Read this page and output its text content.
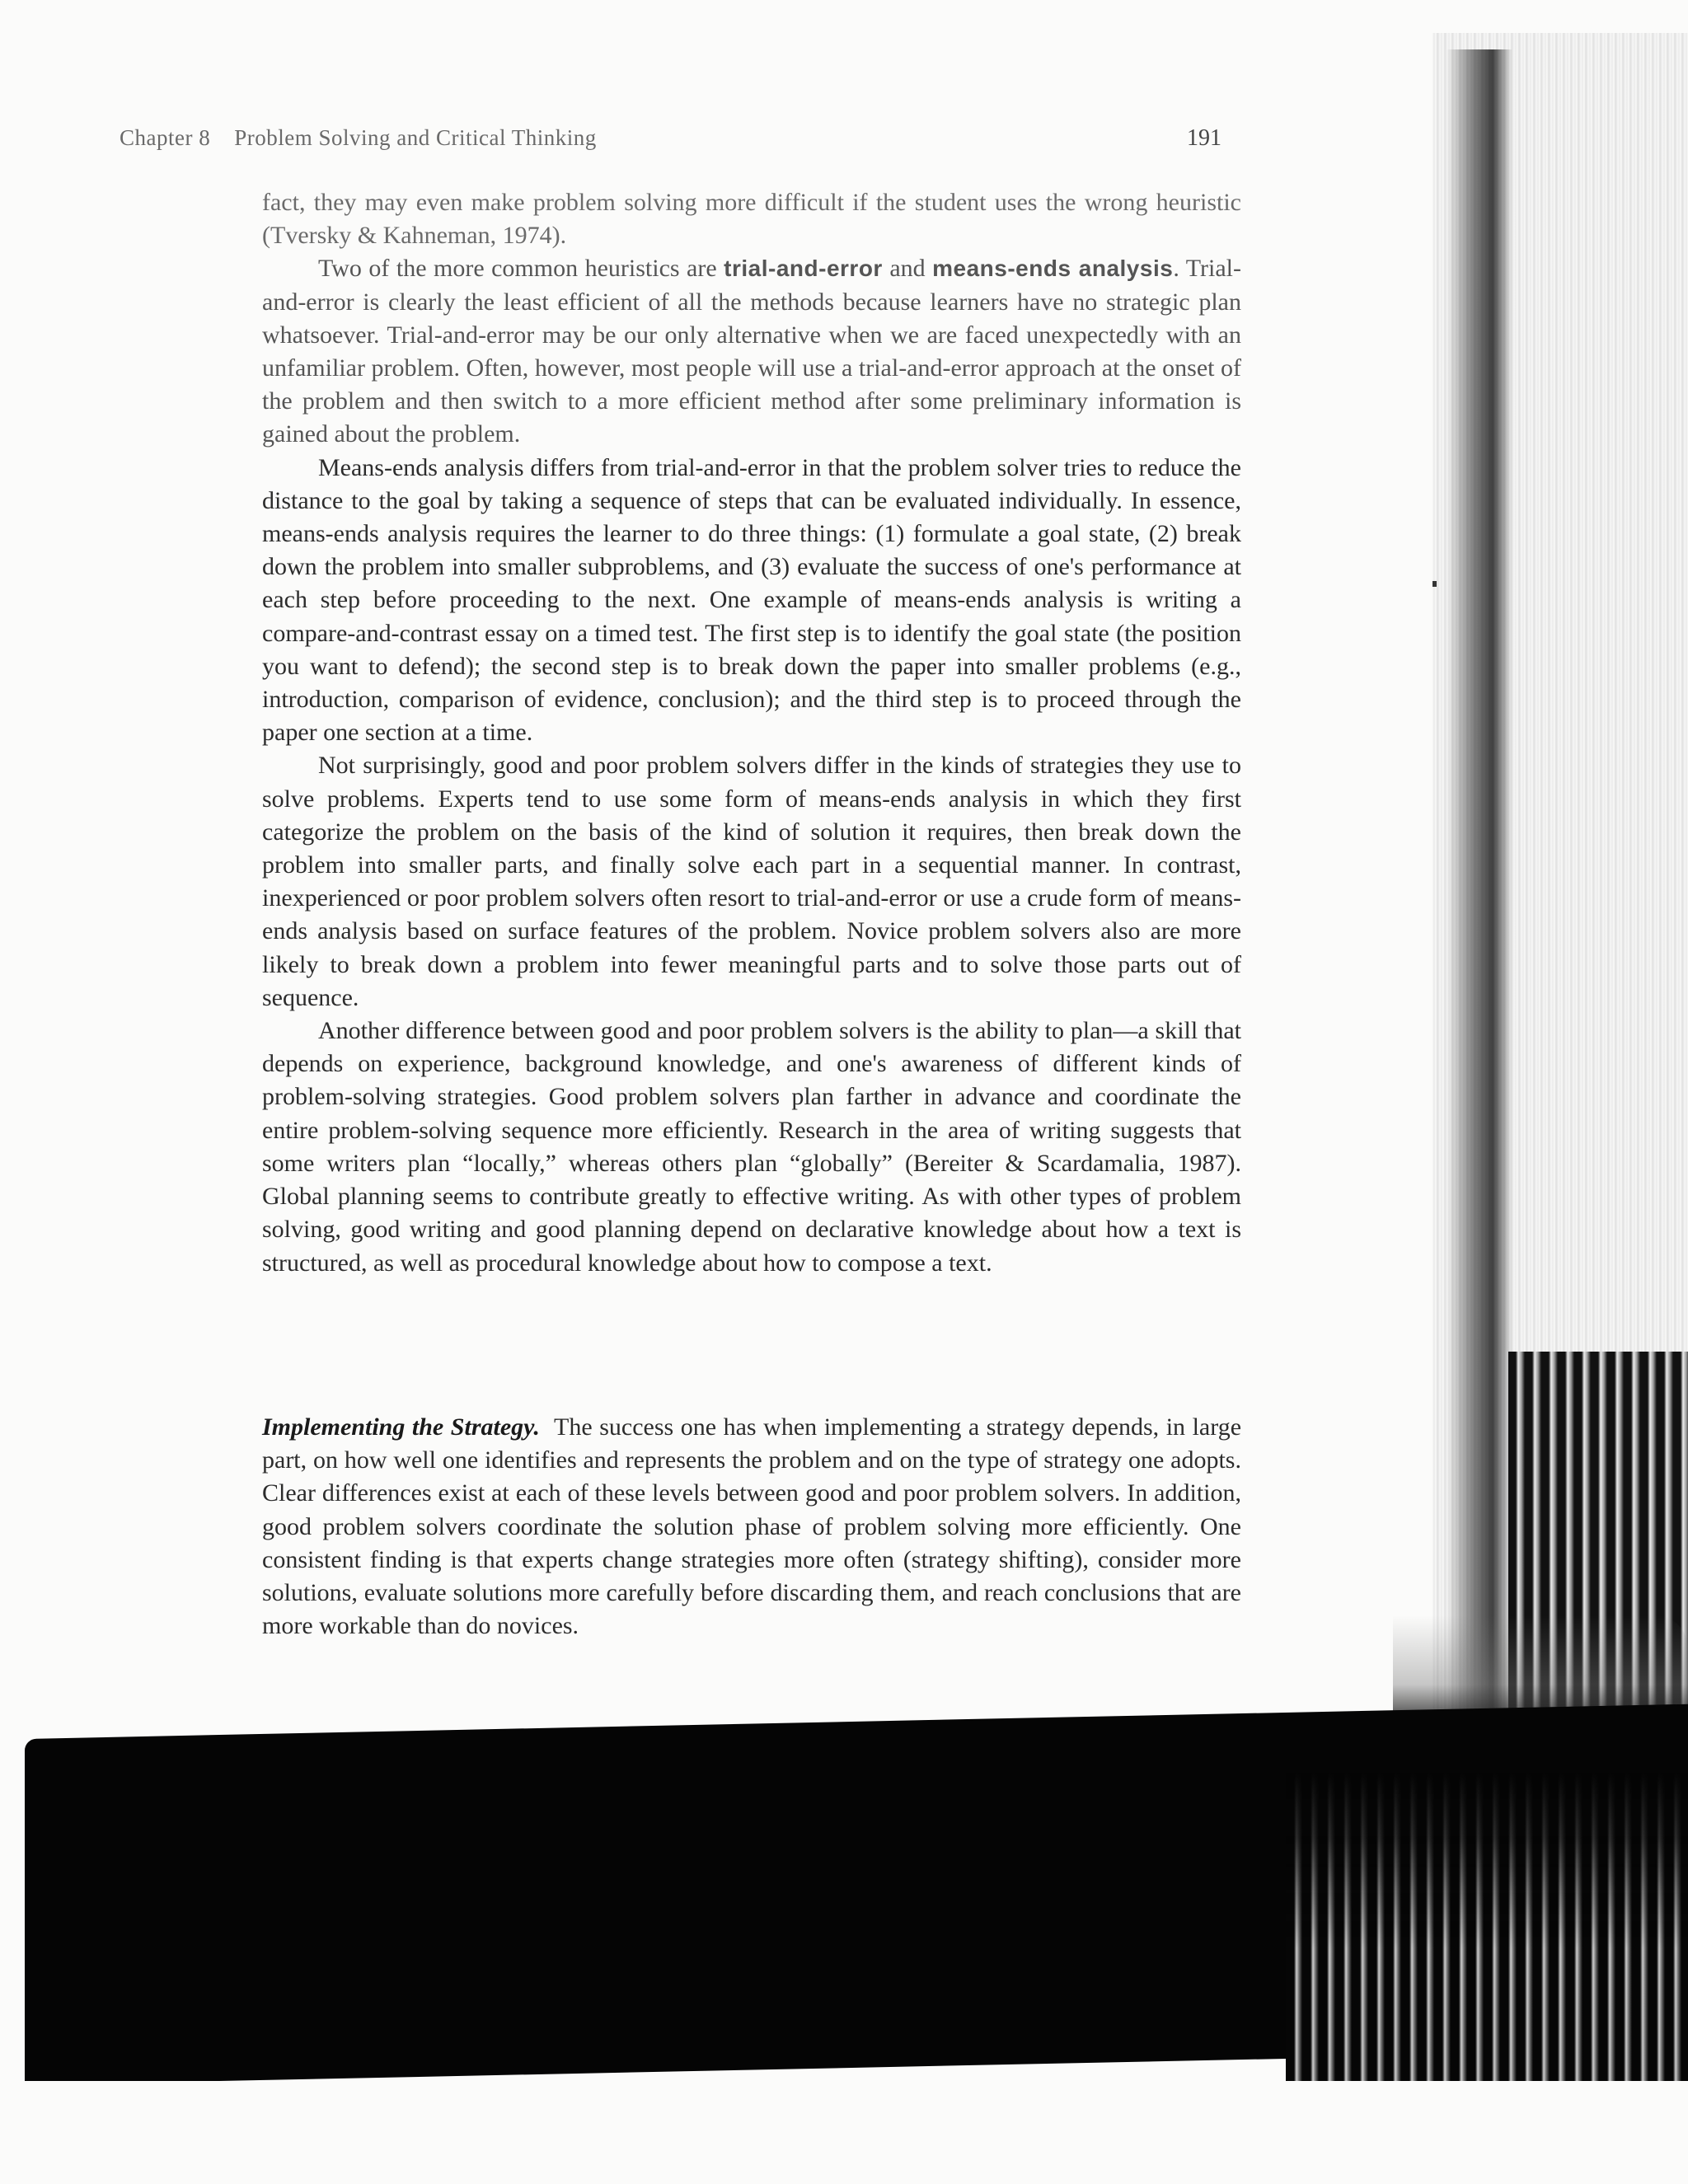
Chapter 8 Problem Solving and Critical Thinking	191

fact, they may even make problem solving more difficult if the student uses the wrong heuristic (Tversky & Kahneman, 1974).

Two of the more common heuristics are trial-and-error and means-ends analysis. Trial-and-error is clearly the least efficient of all the methods because learners have no strategic plan whatsoever. Trial-and-error may be our only alternative when we are faced unexpectedly with an unfamiliar problem. Often, however, most people will use a trial-and-error approach at the onset of the problem and then switch to a more efficient method after some preliminary information is gained about the problem.

Means-ends analysis differs from trial-and-error in that the problem solver tries to reduce the distance to the goal by taking a sequence of steps that can be evaluated individually. In essence, means-ends analysis requires the learner to do three things: (1) formulate a goal state, (2) break down the problem into smaller subproblems, and (3) evaluate the success of one's performance at each step before proceeding to the next. One example of means-ends analysis is writing a compare-and-contrast essay on a timed test. The first step is to identify the goal state (the position you want to defend); the second step is to break down the paper into smaller problems (e.g., introduction, comparison of evidence, conclusion); and the third step is to proceed through the paper one section at a time.

Not surprisingly, good and poor problem solvers differ in the kinds of strategies they use to solve problems. Experts tend to use some form of means-ends analysis in which they first categorize the problem on the basis of the kind of solution it requires, then break down the problem into smaller parts, and finally solve each part in a sequential manner. In contrast, inexperienced or poor problem solvers often resort to trial-and-error or use a crude form of means-ends analysis based on surface features of the problem. Novice problem solvers also are more likely to break down a problem into fewer meaningful parts and to solve those parts out of sequence.

Another difference between good and poor problem solvers is the ability to plan—a skill that depends on experience, background knowledge, and one's awareness of different kinds of problem-solving strategies. Good problem solvers plan farther in advance and coordinate the entire problem-solving sequence more efficiently. Research in the area of writing suggests that some writers plan “locally,” whereas others plan “globally” (Bereiter & Scardamalia, 1987). Global planning seems to contribute greatly to effective writing. As with other types of problem solving, good writing and good planning depend on declarative knowledge about how a text is structured, as well as procedural knowledge about how to compose a text.

Implementing the Strategy. The success one has when implementing a strategy depends, in large part, on how well one identifies and represents the problem and on the type of strategy one adopts. Clear differences exist at each of these levels between good and poor problem solvers. In addition, good problem solvers coordinate the solution phase of problem solving more efficiently. One consistent finding is that experts change strategies more often (strategy shifting), consider more solutions, evaluate solutions more carefully before discarding them, and reach conclusions that are more workable than do novices.
